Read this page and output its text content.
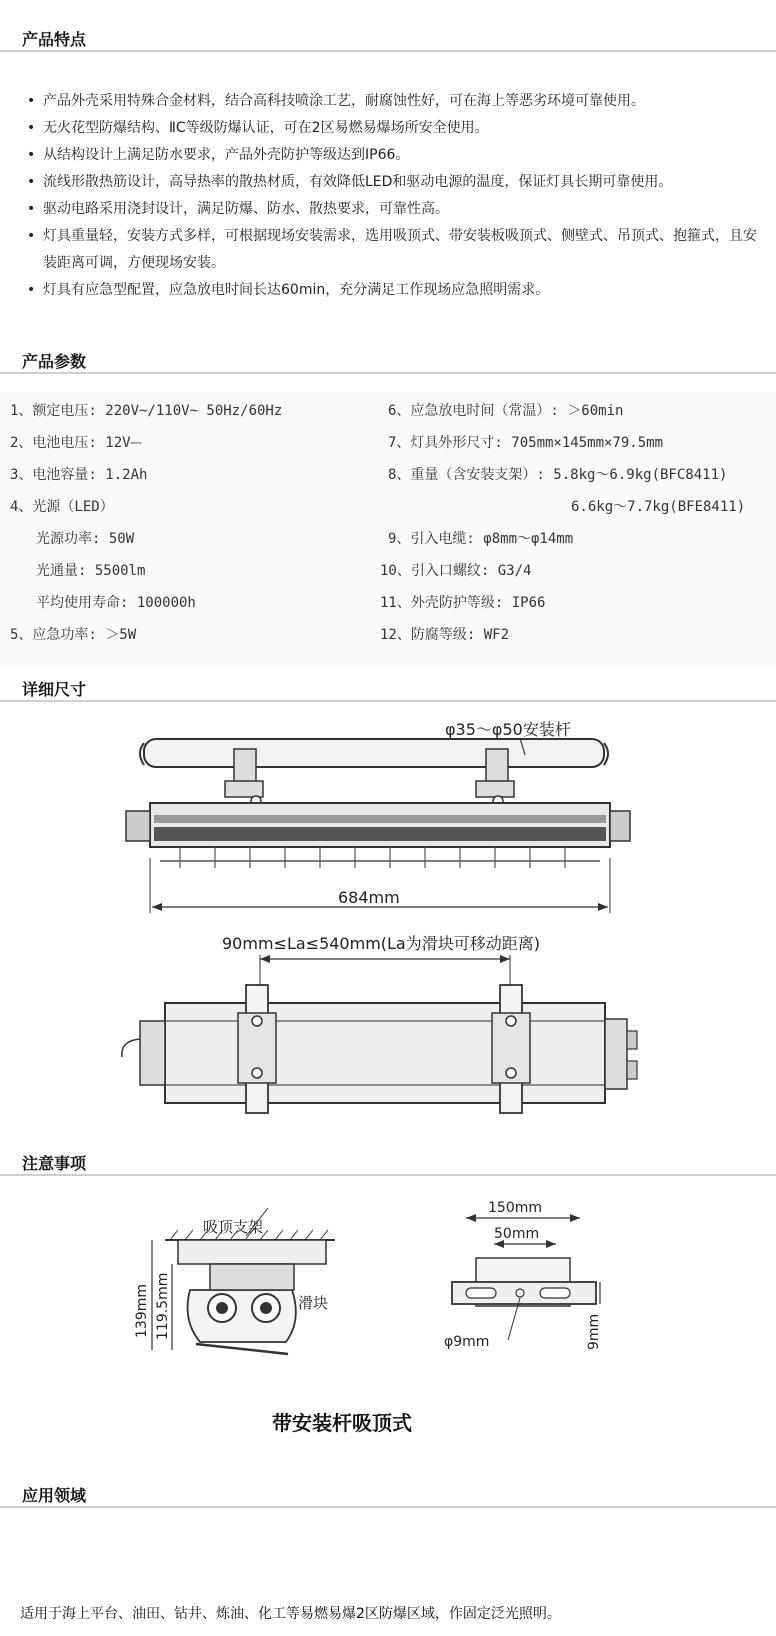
产品特点
• 产品外壳采用特殊合金材料，结合高科技喷涂工艺，耐腐蚀性好，可在海上等恶劣环境可靠使用。
• 无火花型防爆结构、ⅡC等级防爆认证，可在2区易燃易爆场所安全使用。
• 从结构设计上满足防水要求，产品外壳防护等级达到IP66。
• 流线形散热筋设计，高导热率的散热材质，有效降低LED和驱动电源的温度，保证灯具长期可靠使用。
• 驱动电路采用浇封设计，满足防爆、防水、散热要求，可靠性高。
• 灯具重量轻，安装方式多样，可根据现场安装需求，选用吸顶式、带安装板吸顶式、侧壁式、吊顶式、抱箍式，且安装距离可调，方便现场安装。
• 灯具有应急型配置，应急放电时间长达60min，充分满足工作现场应急照明需求。
产品参数
1、额定电压: 220V~/110V~ 50Hz/60Hz
2、电池电压: 12V⎓
3、电池容量: 1.2Ah
4、光源（LED）
光源功率: 50W
光通量: 5500lm
平均使用寿命: 100000h
5、应急功率: ＞5W
6、应急放电时间（常温）: ＞60min
7、灯具外形尺寸: 705mm×145mm×79.5mm
8、重量（含安装支架）: 5.8kg～6.9kg(BFC8411)
6.6kg～7.7kg(BFE8411)
9、引入电缆: φ8mm～φ14mm
10、引入口螺纹: G3/4
11、外壳防护等级: IP66
12、防腐等级: WF2
详细尺寸
φ35～φ50安装杆
684mm
90mm≤La≤540mm(La为滑块可移动距离)
注意事项
吸顶支架
滑块
139mm 119.5mm
150mm
50mm
φ9mm	9mm
带安装杆吸顶式
应用领域
适用于海上平台、油田、钻井、炼油、化工等易燃易爆2区防爆区域，作固定泛光照明。
